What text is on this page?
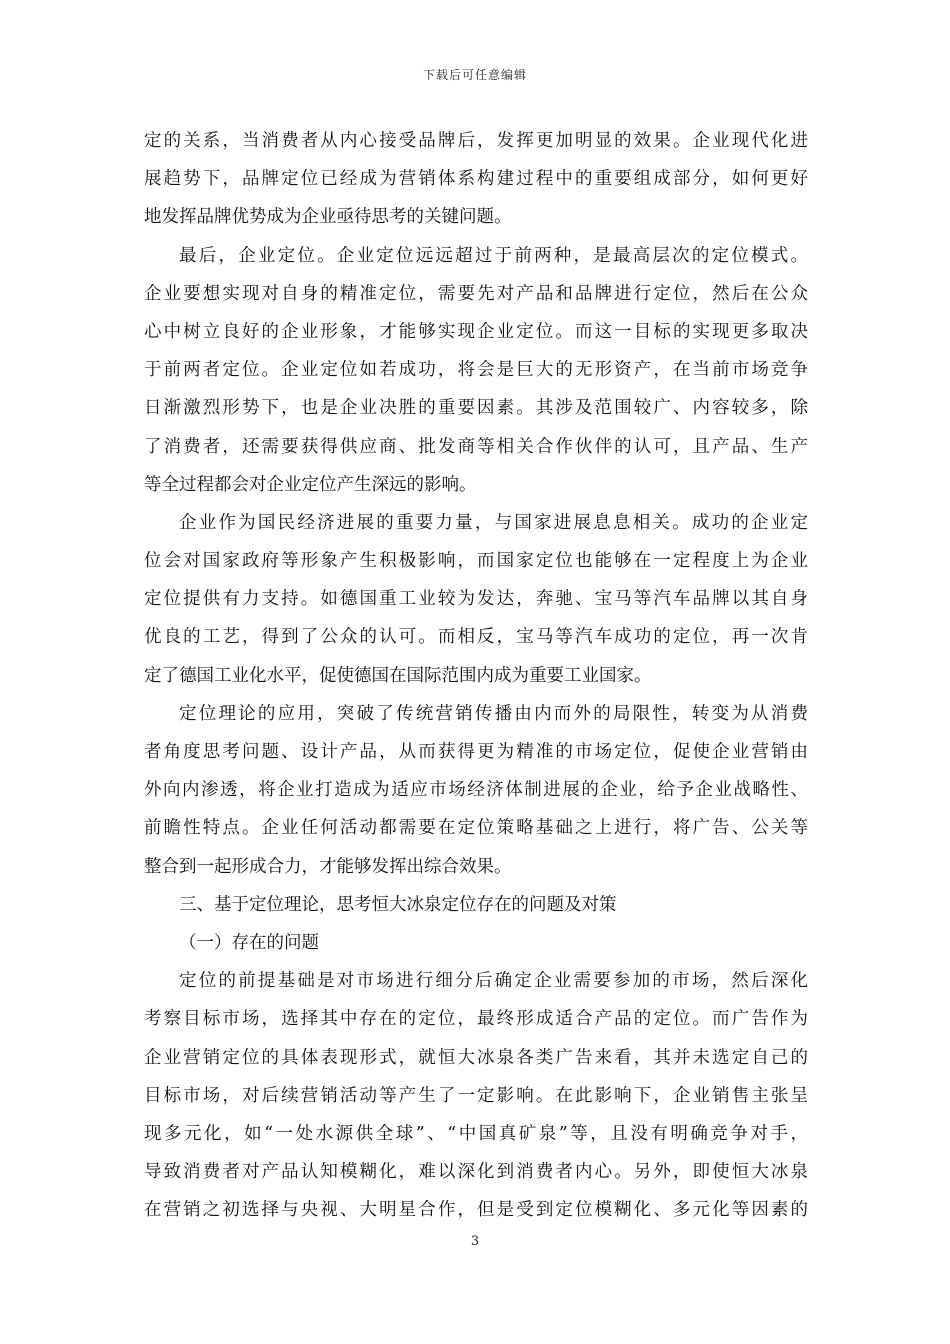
下载后可任意编辑
定的关系，当消费者从内心接受品牌后，发挥更加明显的效果。企业现代化进
展趋势下，品牌定位已经成为营销体系构建过程中的重要组成部分，如何更好
地发挥品牌优势成为企业亟待思考的关键问题。
最后，企业定位。企业定位远远超过于前两种，是最高层次的定位模式。
企业要想实现对自身的精准定位，需要先对产品和品牌进行定位，然后在公众
心中树立良好的企业形象，才能够实现企业定位。而这一目标的实现更多取决
于前两者定位。企业定位如若成功，将会是巨大的无形资产，在当前市场竞争
日渐激烈形势下，也是企业决胜的重要因素。其涉及范围较广、内容较多，除
了消费者，还需要获得供应商、批发商等相关合作伙伴的认可，且产品、生产
等全过程都会对企业定位产生深远的影响。
企业作为国民经济进展的重要力量，与国家进展息息相关。成功的企业定
位会对国家政府等形象产生积极影响，而国家定位也能够在一定程度上为企业
定位提供有力支持。如德国重工业较为发达，奔驰、宝马等汽车品牌以其自身
优良的工艺，得到了公众的认可。而相反，宝马等汽车成功的定位，再一次肯
定了德国工业化水平，促使德国在国际范围内成为重要工业国家。
定位理论的应用，突破了传统营销传播由内而外的局限性，转变为从消费
者角度思考问题、设计产品，从而获得更为精准的市场定位，促使企业营销由
外向内渗透，将企业打造成为适应市场经济体制进展的企业，给予企业战略性、
前瞻性特点。企业任何活动都需要在定位策略基础之上进行，将广告、公关等
整合到一起形成合力，才能够发挥出综合效果。
三、基于定位理论，思考恒大冰泉定位存在的问题及对策
（一）存在的问题
定位的前提基础是对市场进行细分后确定企业需要参加的市场，然后深化
考察目标市场，选择其中存在的定位，最终形成适合产品的定位。而广告作为
企业营销定位的具体表现形式，就恒大冰泉各类广告来看，其并未选定自己的
目标市场，对后续营销活动等产生了一定影响。在此影响下，企业销售主张呈
现多元化，如“一处水源供全球”、“中国真矿泉”等，且没有明确竞争对手，
导致消费者对产品认知模糊化，难以深化到消费者内心。另外，即使恒大冰泉
在营销之初选择与央视、大明星合作，但是受到定位模糊化、多元化等因素的
3
